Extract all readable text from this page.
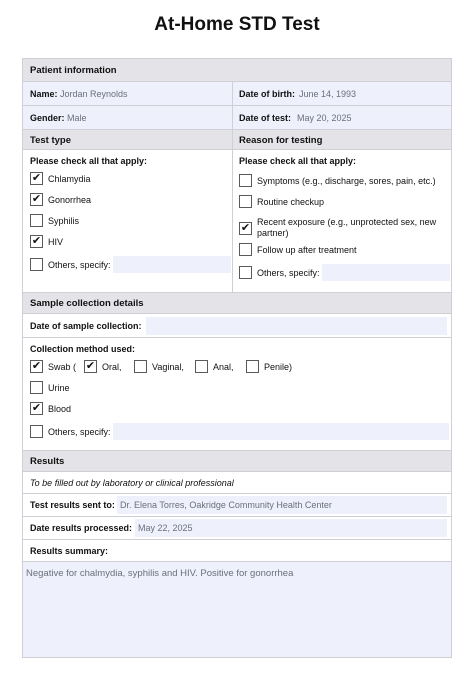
At-Home STD Test
Patient information
Name: Jordan Reynolds	Date of birth: June 14, 1993
Gender: Male	Date of test: May 20, 2025
Test type	Reason for testing
Please check all that apply:	Please check all that apply:
✔ Chlamydia
✔ Gonorrhea
Syphilis
✔ HIV
Others, specify:
Symptoms (e.g., discharge, sores, pain, etc.)
Routine checkup
✔ Recent exposure (e.g., unprotected sex, new partner)
Follow up after treatment
Others, specify:
Sample collection details
Date of sample collection:
Collection method used:
✔ Swab ( ✔ Oral,	Vaginal,	Anal,	Penile)
Urine
✔ Blood
Others, specify:
Results
To be filled out by laboratory or clinical professional
Test results sent to: Dr. Elena Torres, Oakridge Community Health Center
Date results processed: May 22, 2025
Results summary:
Negative for chalmydia, syphilis and HIV. Positive for gonorrhea
